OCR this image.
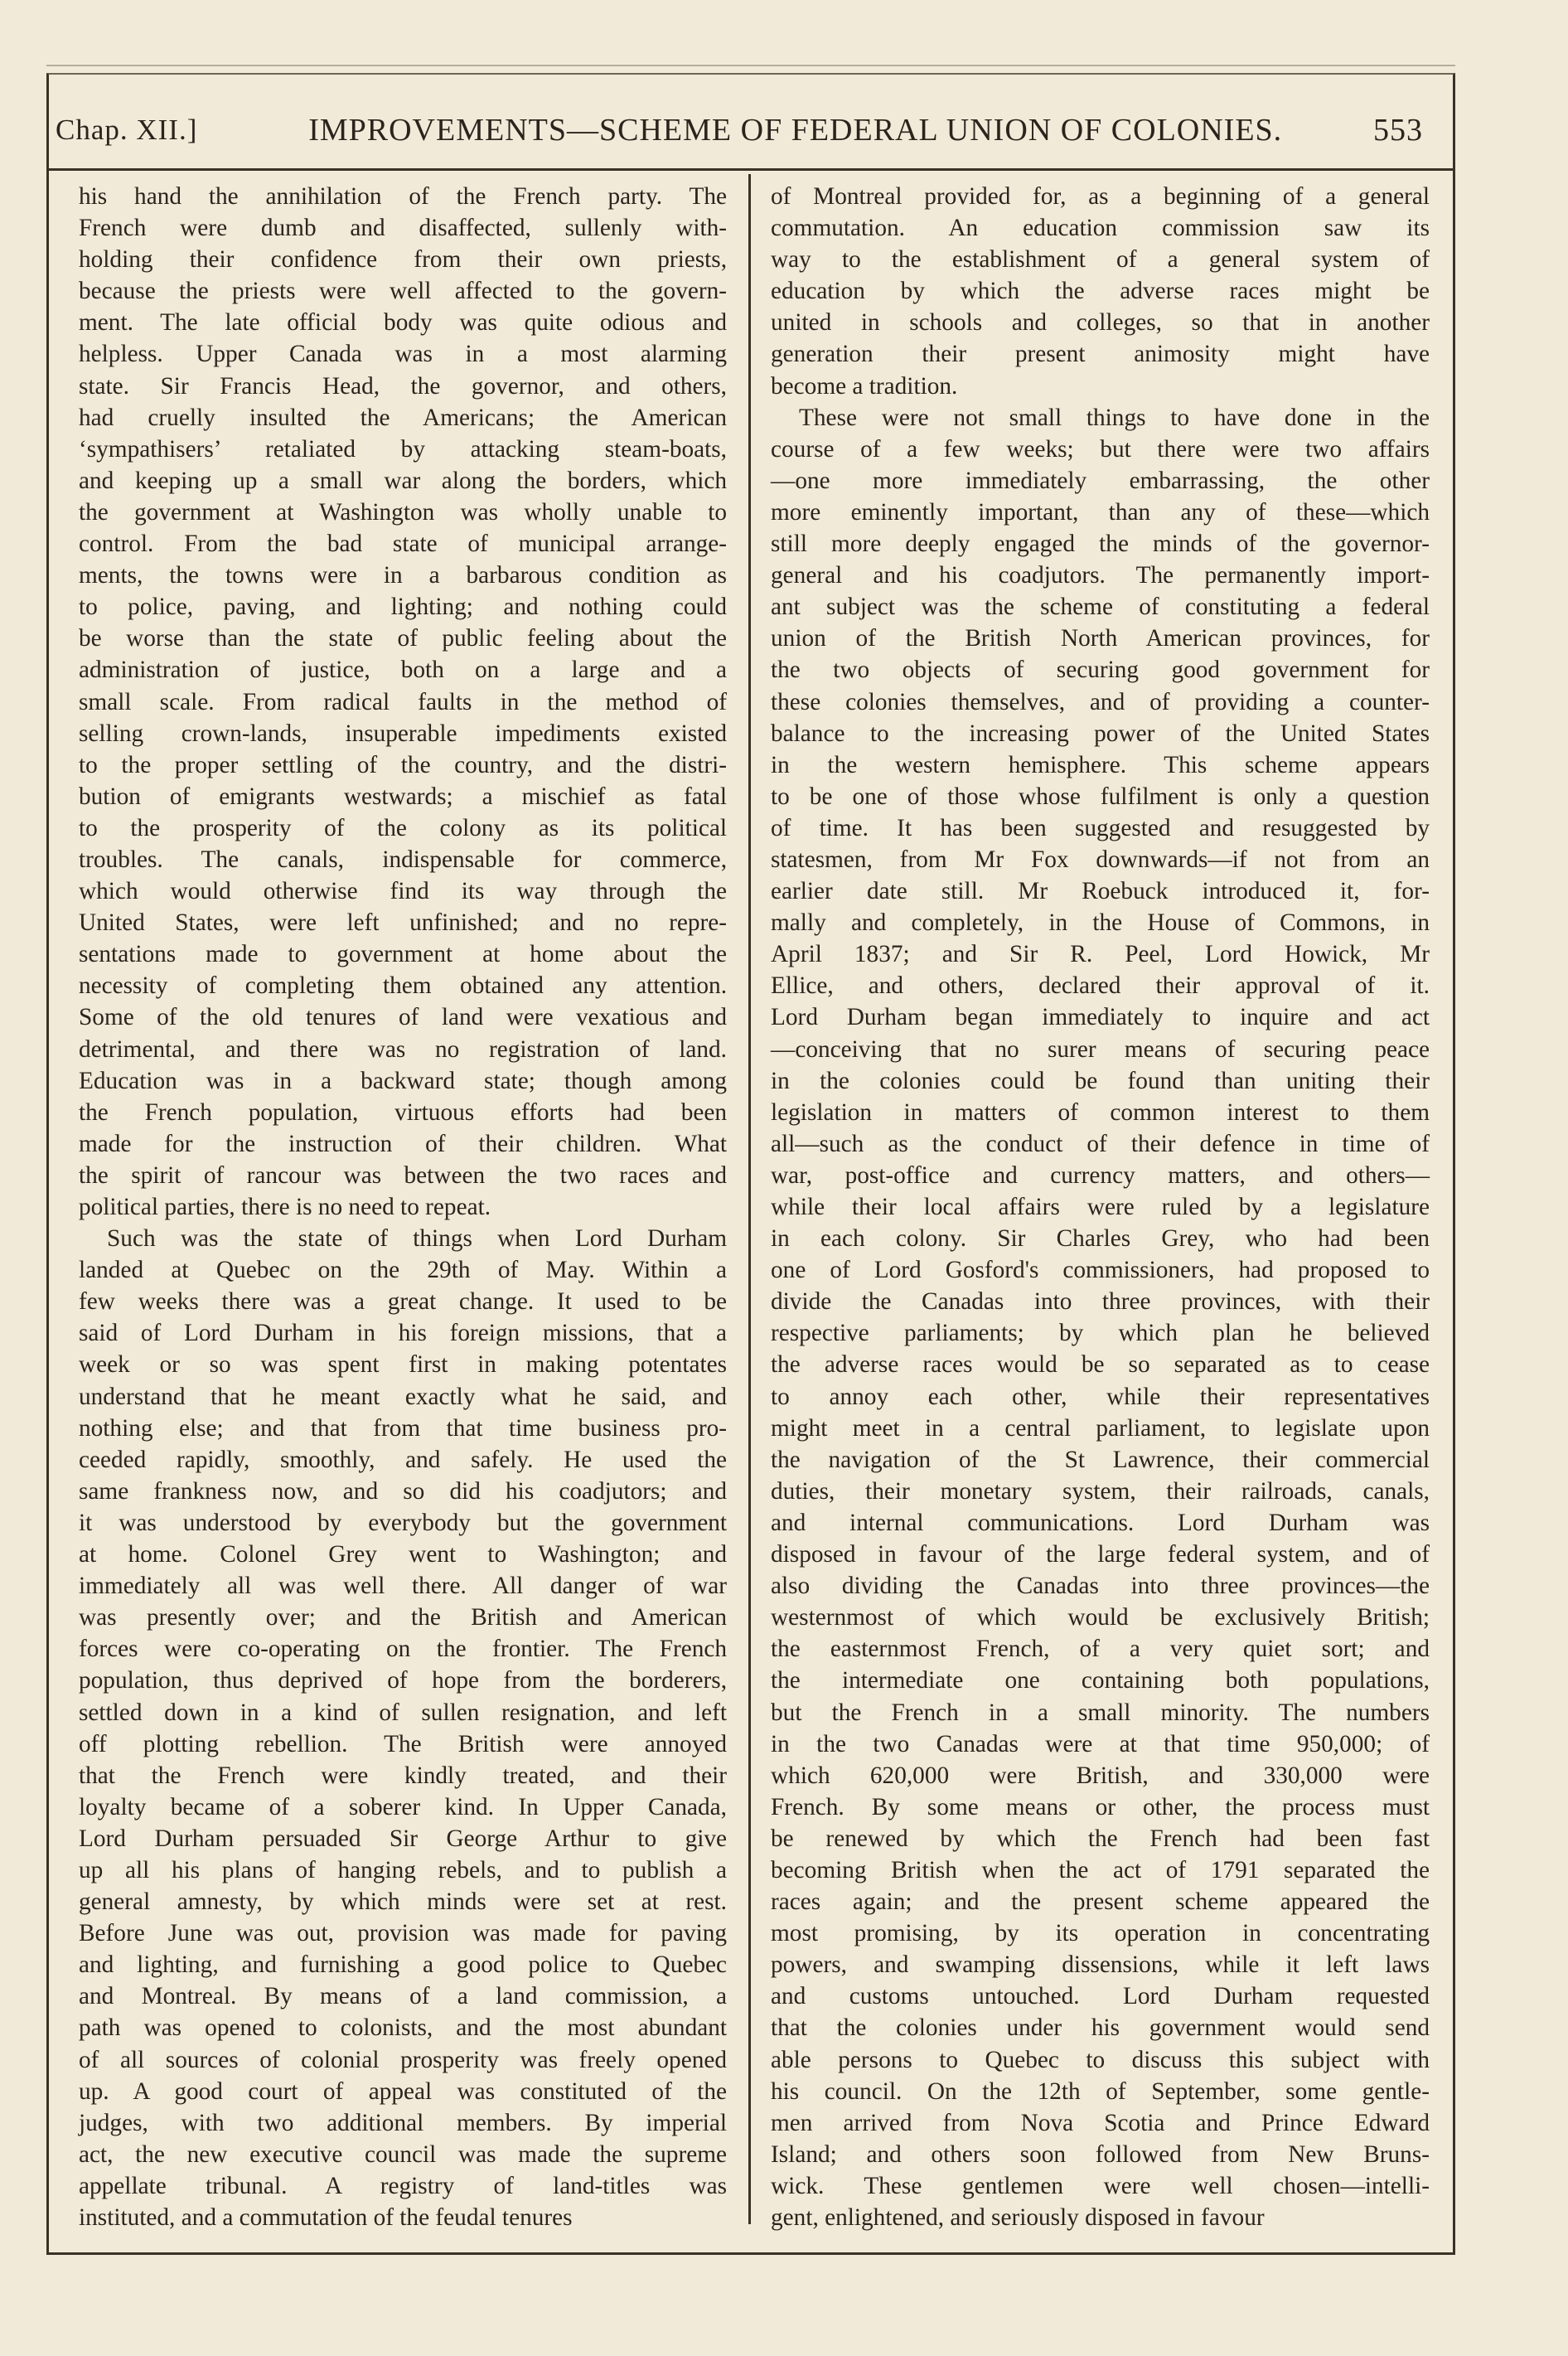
Chap. XII.]	IMPROVEMENTS—SCHEME OF FEDERAL UNION OF COLONIES.	553

his hand the annihilation of the French party. The
French were dumb and disaffected, sullenly with-
holding their confidence from their own priests,
because the priests were well affected to the govern-
ment. The late official body was quite odious and
helpless. Upper Canada was in a most alarming
state. Sir Francis Head, the governor, and others,
had cruelly insulted the Americans; the American
‘sympathisers’ retaliated by attacking steam-boats,
and keeping up a small war along the borders, which
the government at Washington was wholly unable to
control. From the bad state of municipal arrange-
ments, the towns were in a barbarous condition as
to police, paving, and lighting; and nothing could
be worse than the state of public feeling about the
administration of justice, both on a large and a
small scale. From radical faults in the method of
selling crown-lands, insuperable impediments existed
to the proper settling of the country, and the distri-
bution of emigrants westwards; a mischief as fatal
to the prosperity of the colony as its political
troubles. The canals, indispensable for commerce,
which would otherwise find its way through the
United States, were left unfinished; and no repre-
sentations made to government at home about the
necessity of completing them obtained any attention.
Some of the old tenures of land were vexatious and
detrimental, and there was no registration of land.
Education was in a backward state; though among
the French population, virtuous efforts had been
made for the instruction of their children. What
the spirit of rancour was between the two races and
political parties, there is no need to repeat.

Such was the state of things when Lord Durham
landed at Quebec on the 29th of May. Within a
few weeks there was a great change. It used to be
said of Lord Durham in his foreign missions, that a
week or so was spent first in making potentates
understand that he meant exactly what he said, and
nothing else; and that from that time business pro-
ceeded rapidly, smoothly, and safely. He used the
same frankness now, and so did his coadjutors; and
it was understood by everybody but the government
at home. Colonel Grey went to Washington; and
immediately all was well there. All danger of war
was presently over; and the British and American
forces were co-operating on the frontier. The French
population, thus deprived of hope from the borderers,
settled down in a kind of sullen resignation, and left
off plotting rebellion. The British were annoyed
that the French were kindly treated, and their
loyalty became of a soberer kind. In Upper Canada,
Lord Durham persuaded Sir George Arthur to give
up all his plans of hanging rebels, and to publish a
general amnesty, by which minds were set at rest.
Before June was out, provision was made for paving
and lighting, and furnishing a good police to Quebec
and Montreal. By means of a land commission, a
path was opened to colonists, and the most abundant
of all sources of colonial prosperity was freely opened
up. A good court of appeal was constituted of the
judges, with two additional members. By imperial
act, the new executive council was made the supreme
appellate tribunal. A registry of land-titles was
instituted, and a commutation of the feudal tenures

of Montreal provided for, as a beginning of a general
commutation. An education commission saw its
way to the establishment of a general system of
education by which the adverse races might be
united in schools and colleges, so that in another
generation their present animosity might have
become a tradition.

These were not small things to have done in the
course of a few weeks; but there were two affairs
—one more immediately embarrassing, the other
more eminently important, than any of these—which
still more deeply engaged the minds of the governor-
general and his coadjutors. The permanently import-
ant subject was the scheme of constituting a federal
union of the British North American provinces, for
the two objects of securing good government for
these colonies themselves, and of providing a counter-
balance to the increasing power of the United States
in the western hemisphere. This scheme appears
to be one of those whose fulfilment is only a question
of time. It has been suggested and resuggested by
statesmen, from Mr Fox downwards—if not from an
earlier date still. Mr Roebuck introduced it, for-
mally and completely, in the House of Commons, in
April 1837; and Sir R. Peel, Lord Howick, Mr
Ellice, and others, declared their approval of it.
Lord Durham began immediately to inquire and act
—conceiving that no surer means of securing peace
in the colonies could be found than uniting their
legislation in matters of common interest to them
all—such as the conduct of their defence in time of
war, post-office and currency matters, and others—
while their local affairs were ruled by a legislature
in each colony. Sir Charles Grey, who had been
one of Lord Gosford's commissioners, had proposed to
divide the Canadas into three provinces, with their
respective parliaments; by which plan he believed
the adverse races would be so separated as to cease
to annoy each other, while their representatives
might meet in a central parliament, to legislate upon
the navigation of the St Lawrence, their commercial
duties, their monetary system, their railroads, canals,
and internal communications. Lord Durham was
disposed in favour of the large federal system, and of
also dividing the Canadas into three provinces—the
westernmost of which would be exclusively British;
the easternmost French, of a very quiet sort; and
the intermediate one containing both populations,
but the French in a small minority. The numbers
in the two Canadas were at that time 950,000; of
which 620,000 were British, and 330,000 were
French. By some means or other, the process must
be renewed by which the French had been fast
becoming British when the act of 1791 separated the
races again; and the present scheme appeared the
most promising, by its operation in concentrating
powers, and swamping dissensions, while it left laws
and customs untouched. Lord Durham requested
that the colonies under his government would send
able persons to Quebec to discuss this subject with
his council. On the 12th of September, some gentle-
men arrived from Nova Scotia and Prince Edward
Island; and others soon followed from New Bruns-
wick. These gentlemen were well chosen—intelli-
gent, enlightened, and seriously disposed in favour
